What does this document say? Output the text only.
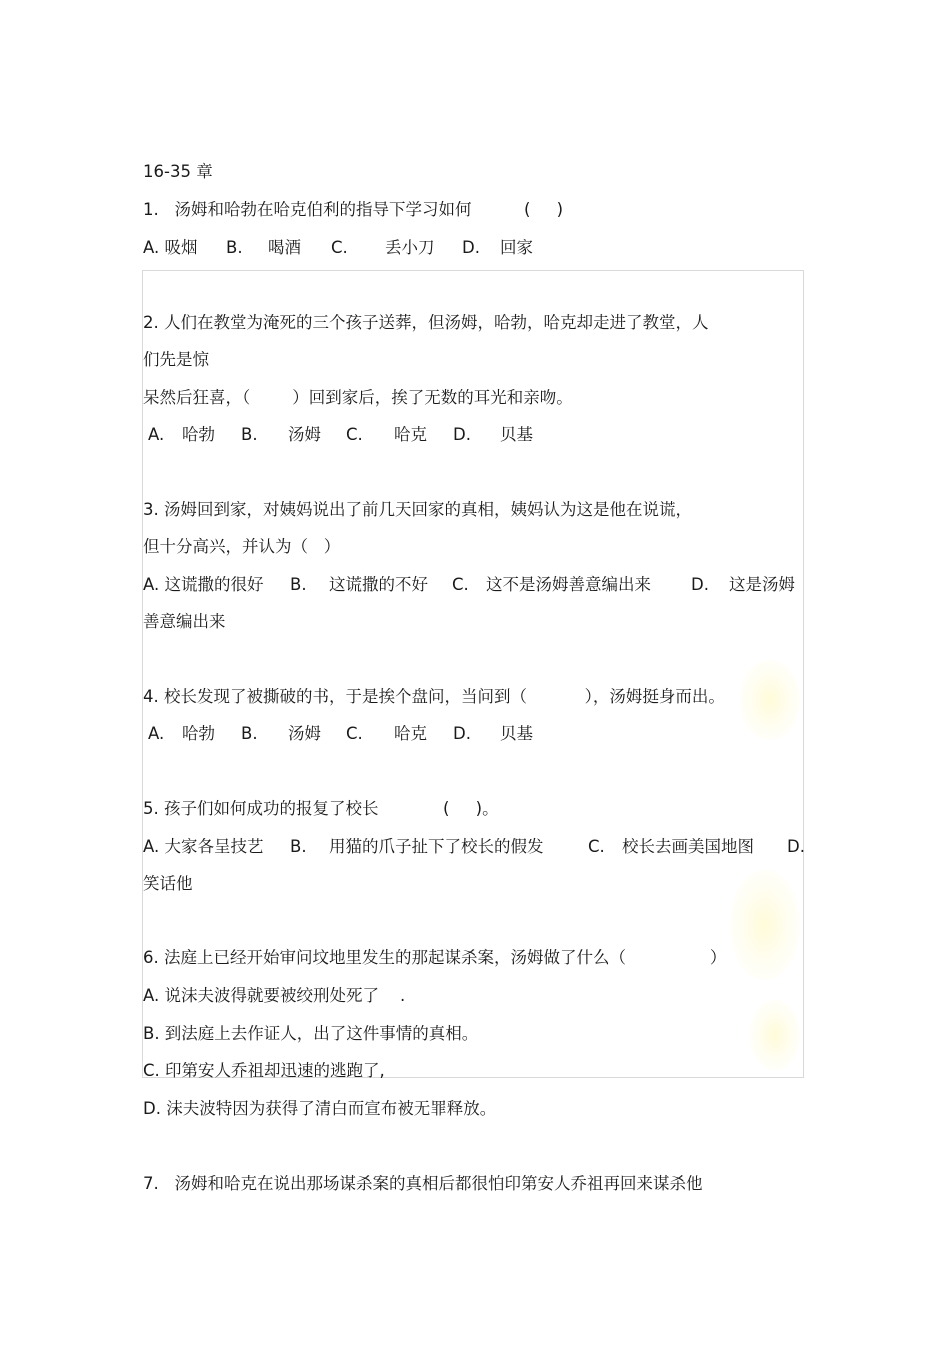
16-35 章
1.   汤姆和哈勃在哈克伯利的指导下学习如何	(     )
A. 吸烟 B. 喝酒 C. 丢小刀 D. 回家
2. 人们在教堂为淹死的三个孩子送葬，但汤姆，哈勃，哈克却走进了教堂，人
们先是惊
呆然后狂喜，（        ）回到家后，挨了无数的耳光和亲吻。
A. 哈勃 B. 汤姆 C. 哈克 D. 贝基
3. 汤姆回到家，对姨妈说出了前几天回家的真相，姨妈认为这是他在说谎，
但十分高兴，并认为（   ）
A. 这谎撒的很好 B. 这谎撒的不好 C. 这不是汤姆善意编出来 D. 这是汤姆
善意编出来
4. 校长发现了被撕破的书，于是挨个盘问，当问到（           ），汤姆挺身而出。
A. 哈勃 B. 汤姆 C. 哈克 D. 贝基
5. 孩子们如何成功的报复了校长	(     )。
A. 大家各呈技艺 B. 用猫的爪子扯下了校长的假发	C. 校长去画美国地图 D.
笑话他
6. 法庭上已经开始审问坟地里发生的那起谋杀案，汤姆做了什么（                ）
A. 说沫夫波得就要被绞刑处死了    .
B. 到法庭上去作证人，出了这件事情的真相。
C. 印第安人乔祖却迅速的逃跑了,
D. 沫夫波特因为获得了清白而宣布被无罪释放。
7.   汤姆和哈克在说出那场谋杀案的真相后都很怕印第安人乔祖再回来谋杀他
